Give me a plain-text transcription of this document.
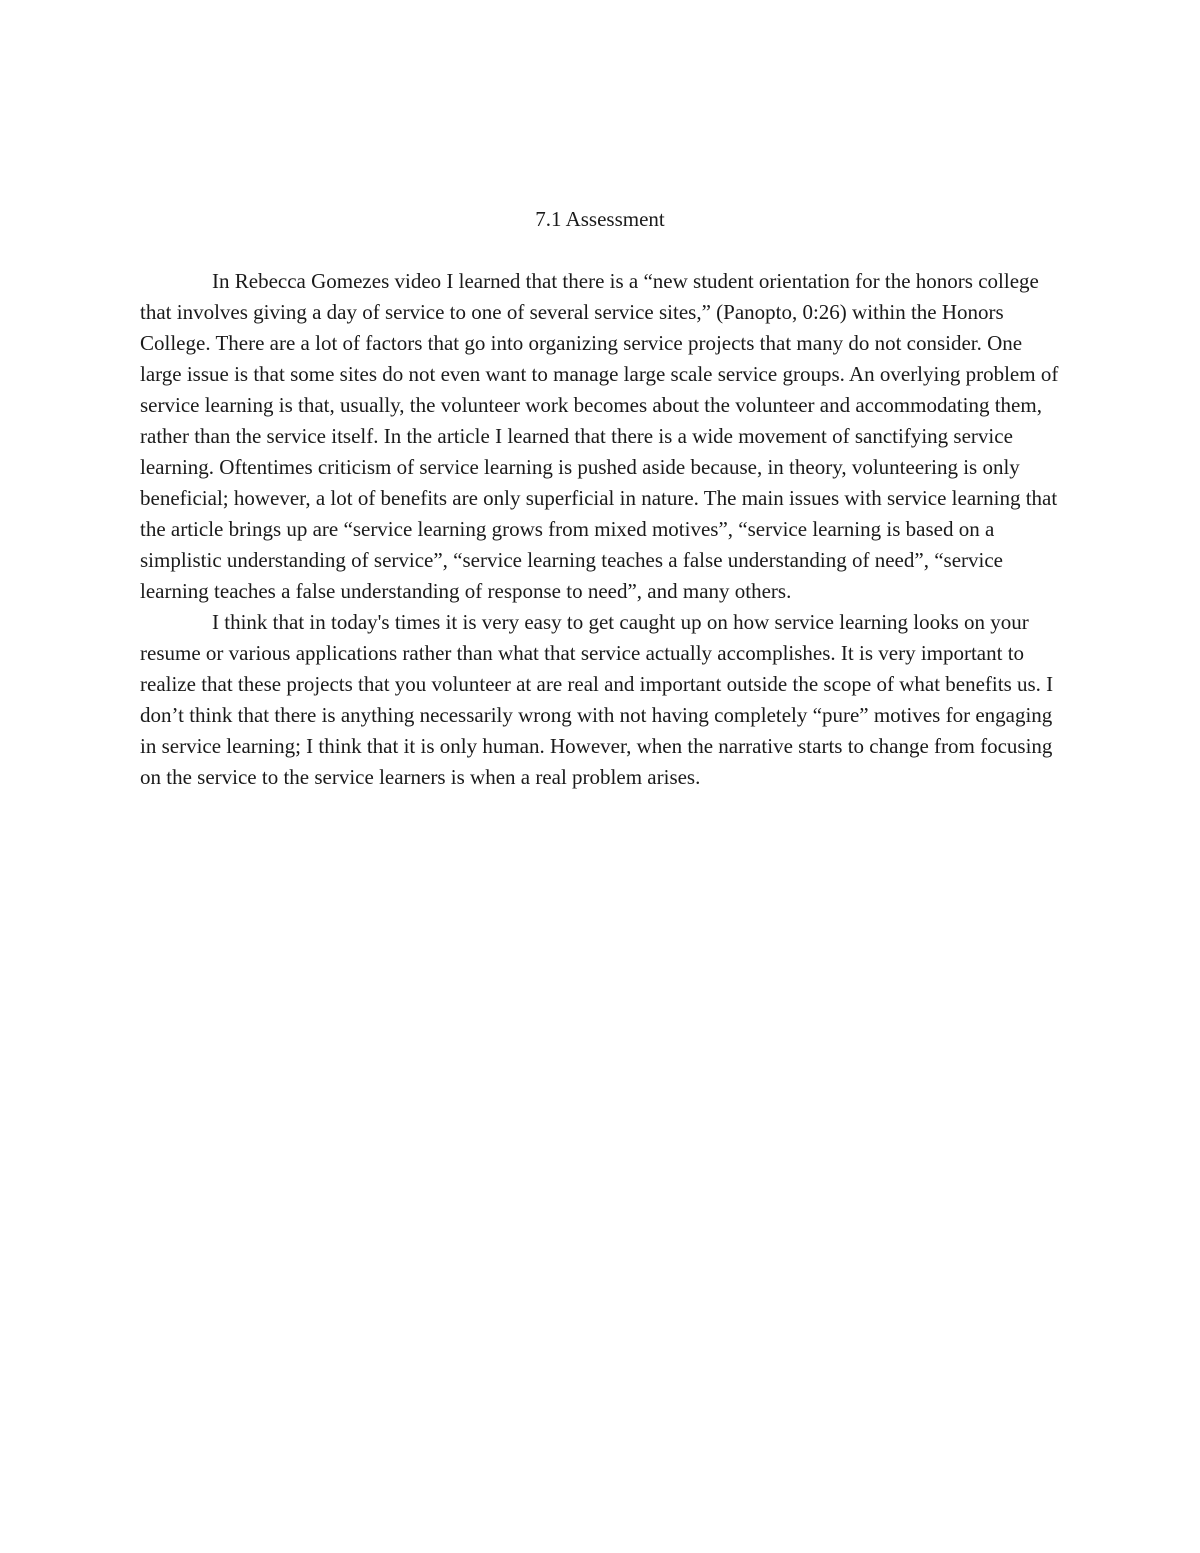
7.1 Assessment

In Rebecca Gomezes video I learned that there is a “new student orientation for the honors college that involves giving a day of service to one of several service sites,” (Panopto, 0:26) within the Honors College. There are a lot of factors that go into organizing service projects that many do not consider. One large issue is that some sites do not even want to manage large scale service groups. An overlying problem of service learning is that, usually, the volunteer work becomes about the volunteer and accommodating them, rather than the service itself. In the article I learned that there is a wide movement of sanctifying service learning. Oftentimes criticism of service learning is pushed aside because, in theory, volunteering is only beneficial; however, a lot of benefits are only superficial in nature. The main issues with service learning that the article brings up are “service learning grows from mixed motives”, “service learning is based on a simplistic understanding of service”, “service learning teaches a false understanding of need”, “service learning teaches a false understanding of response to need”, and many others.

I think that in today's times it is very easy to get caught up on how service learning looks on your resume or various applications rather than what that service actually accomplishes. It is very important to realize that these projects that you volunteer at are real and important outside the scope of what benefits us. I don’t think that there is anything necessarily wrong with not having completely “pure” motives for engaging in service learning; I think that it is only human. However, when the narrative starts to change from focusing on the service to the service learners is when a real problem arises.
